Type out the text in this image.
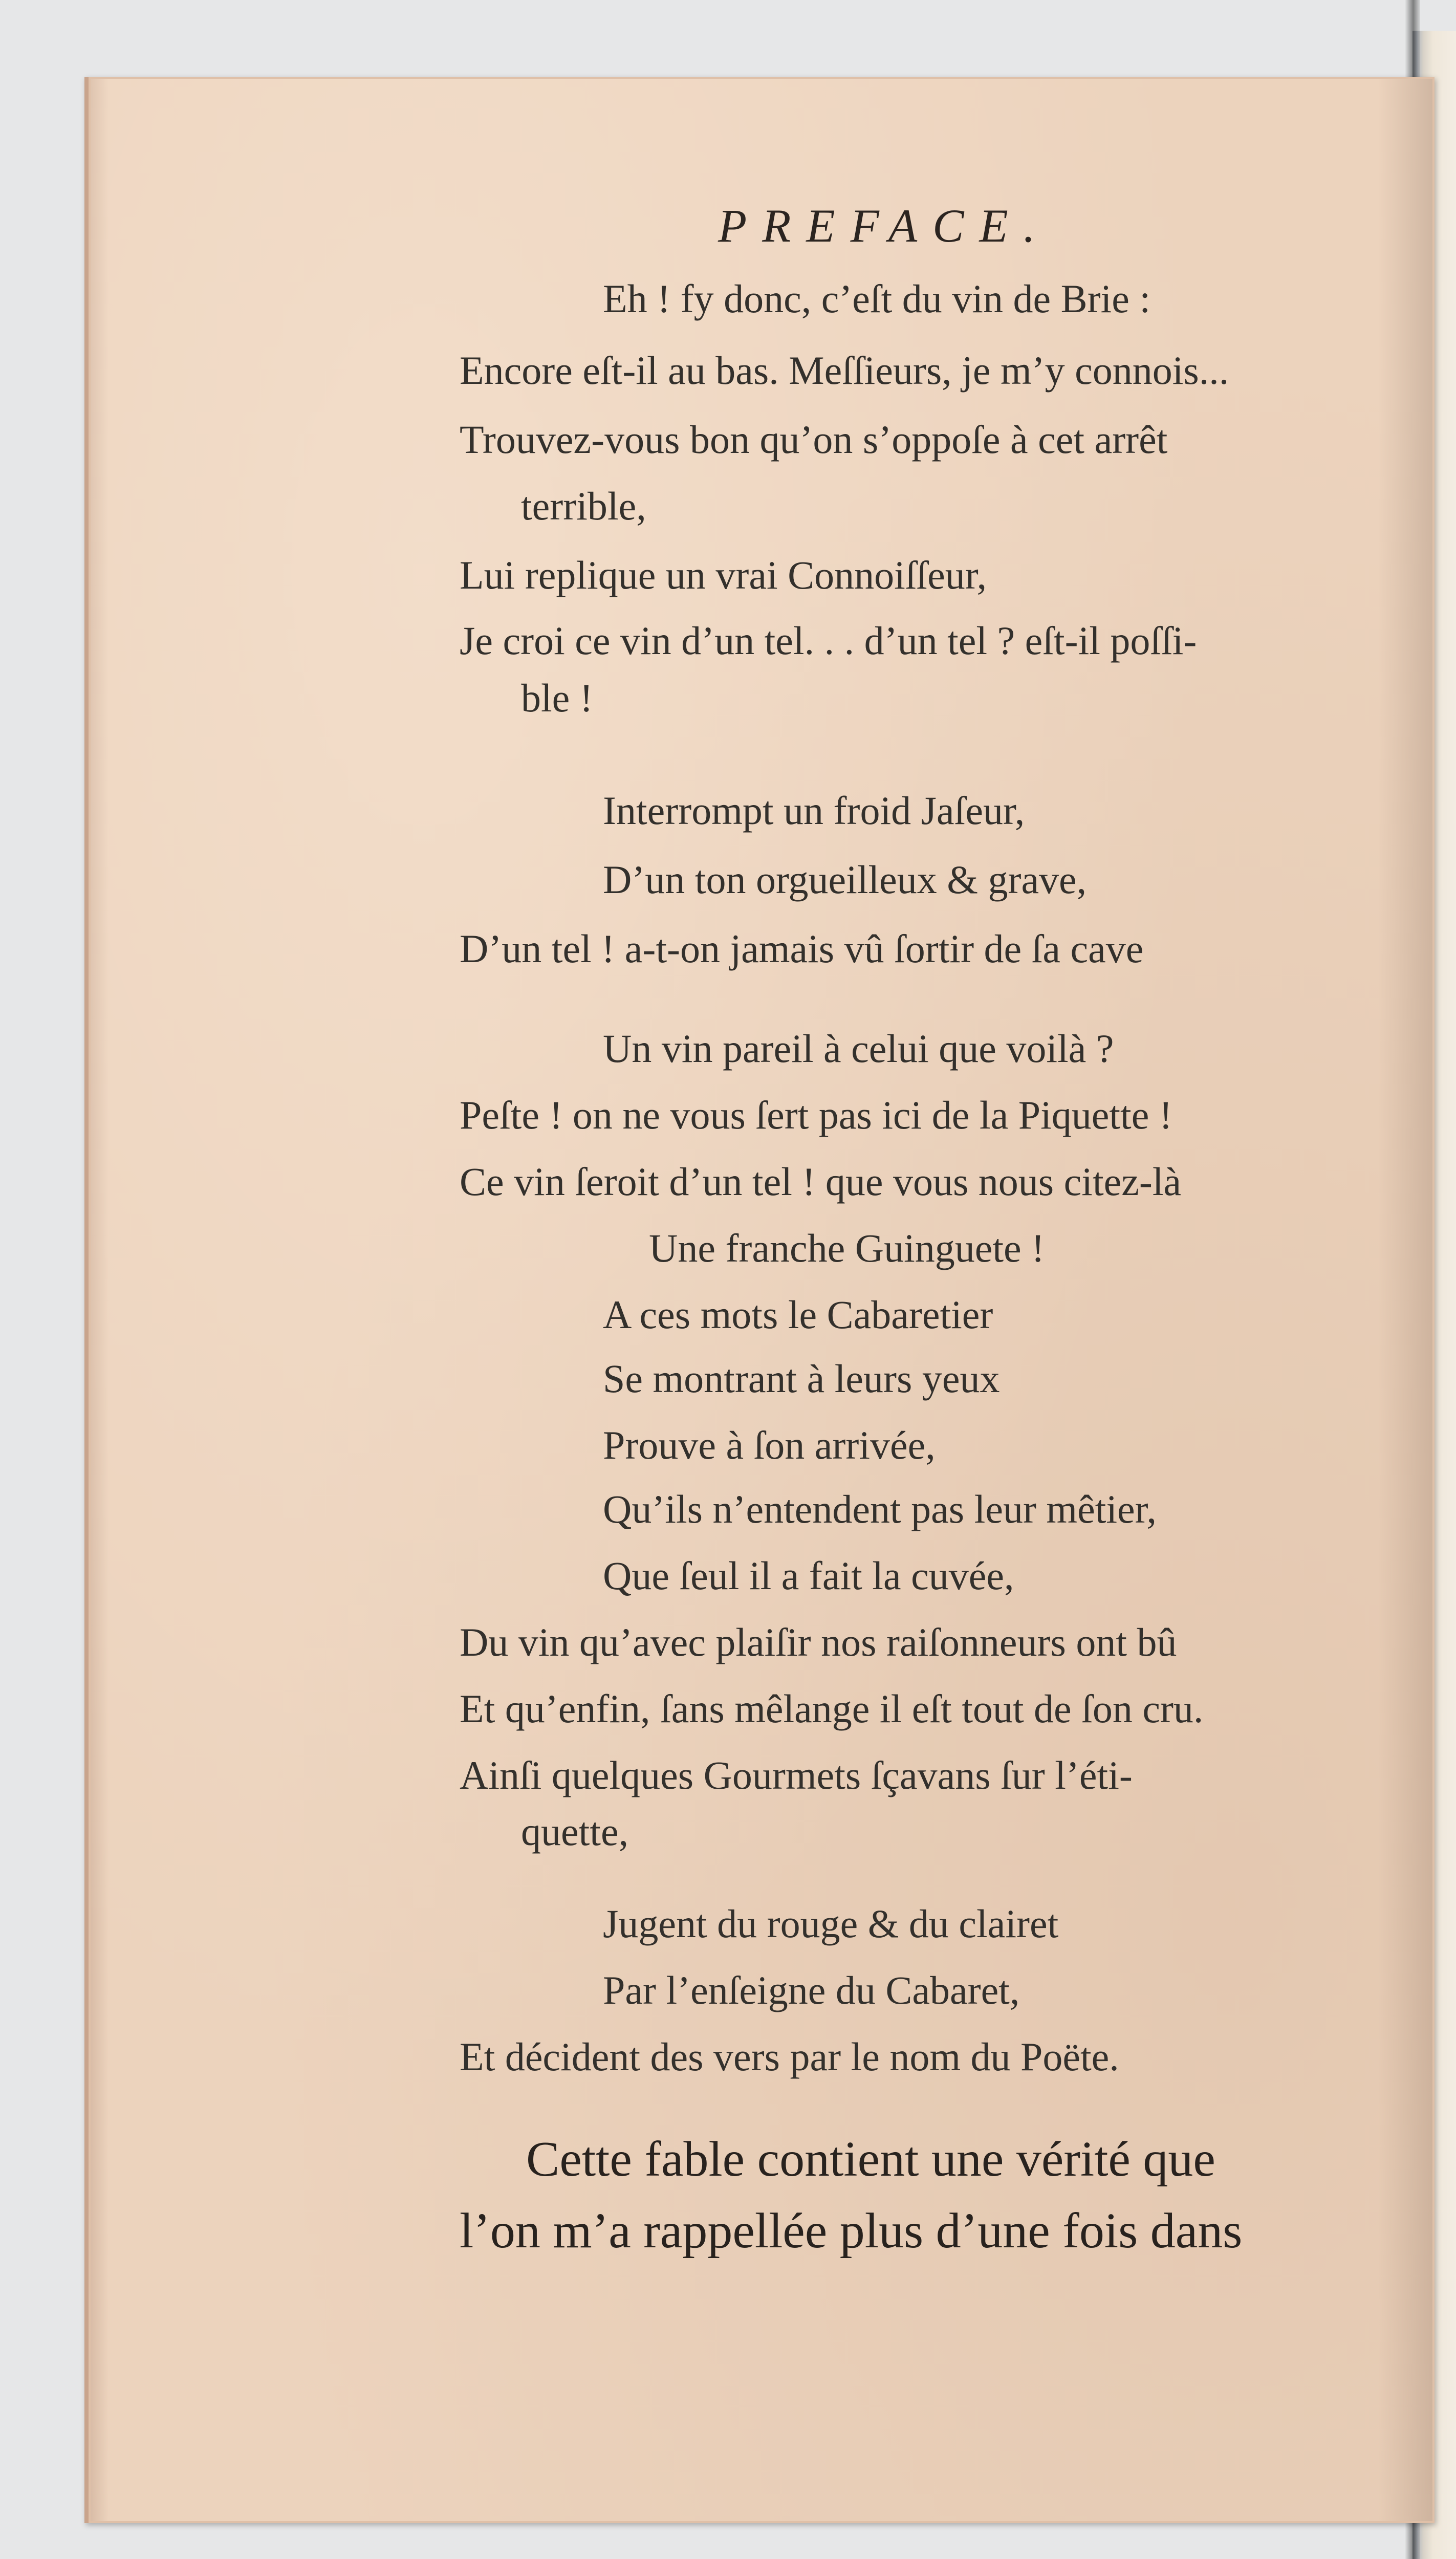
PREFACE.
Eh ! fy donc, c’eſt du vin de Brie :
Encore eſt-il au bas. Meſſieurs, je m’y connois...
Trouvez-vous bon qu’on s’oppoſe à cet arrêt
terrible,
Lui replique un vrai Connoiſſeur,
Je croi ce vin d’un tel. . . d’un tel ? eſt-il poſſi-
ble !
Interrompt un froid Jaſeur,
D’un ton orgueilleux & grave,
D’un tel ! a-t-on jamais vû ſortir de ſa cave
Un vin pareil à celui que voilà ?
Peſte ! on ne vous ſert pas ici de la Piquette !
Ce vin ſeroit d’un tel ! que vous nous citez-là
Une franche Guinguete !
A ces mots le Cabaretier
Se montrant à leurs yeux
Prouve à ſon arrivée,
Qu’ils n’entendent pas leur mêtier,
Que ſeul il a fait la cuvée,
Du vin qu’avec plaiſir nos raiſonneurs ont bû
Et qu’enfin, ſans mêlange il eſt tout de ſon cru.
Ainſi quelques Gourmets ſçavans ſur l’éti-
quette,
Jugent du rouge & du clairet
Par l’enſeigne du Cabaret,
Et décident des vers par le nom du Poëte.
Cette fable contient une vérité que
l’on m’a rappellée plus d’une fois dans
